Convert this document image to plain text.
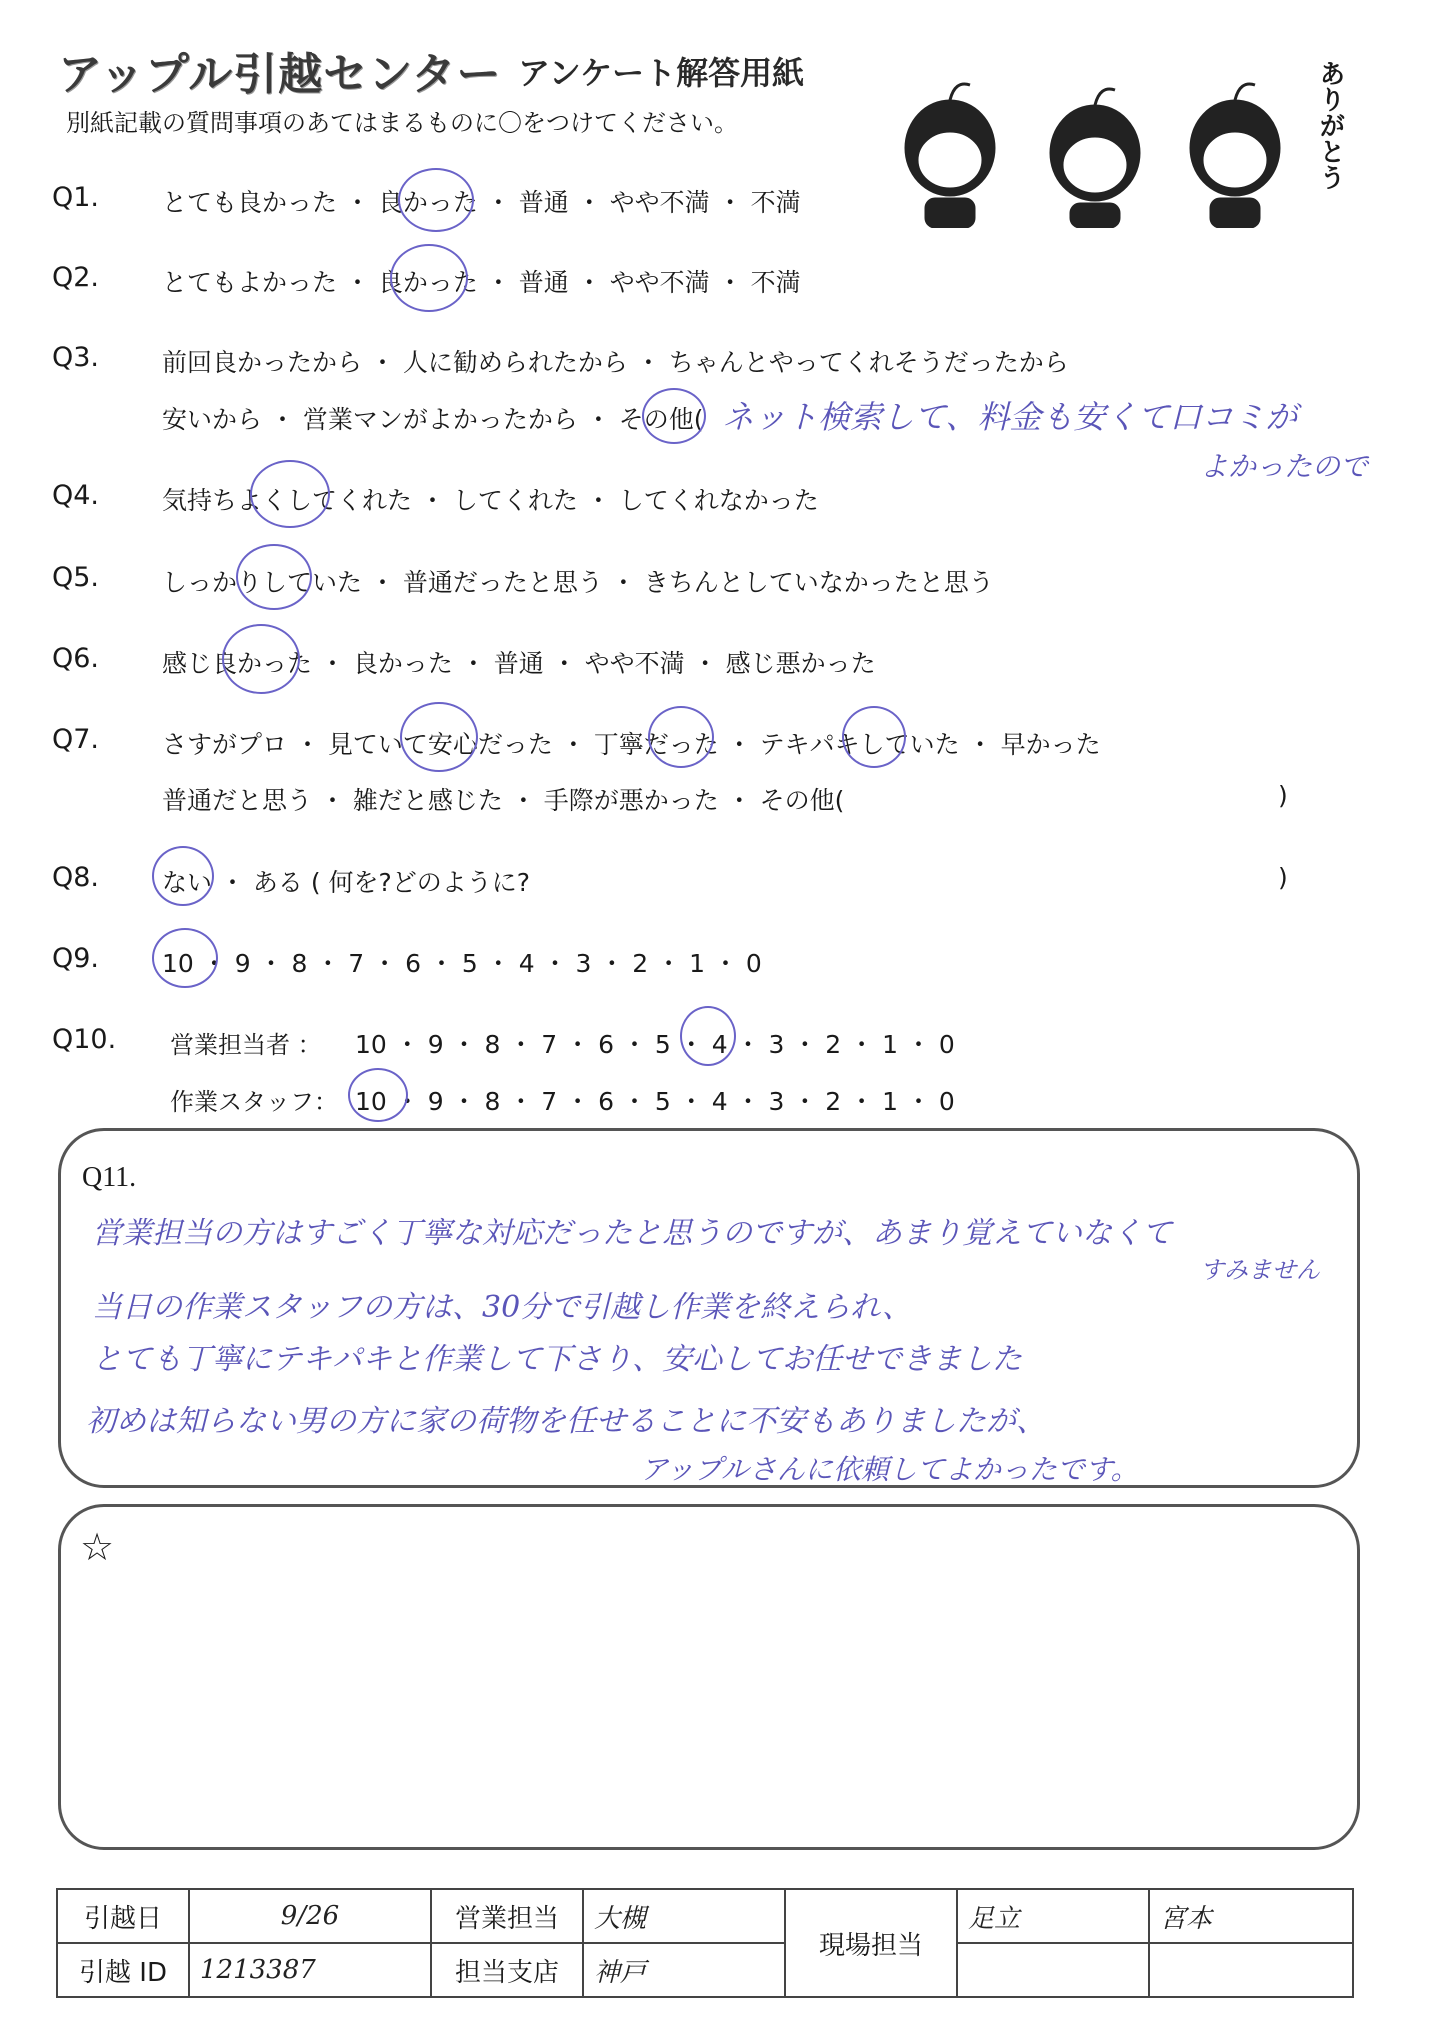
アップル引越センター アンケート解答用紙
別紙記載の質問事項のあてはまるものに〇をつけてください。	ありがとう
Q1.	とても良かった ・ 良かった ・ 普通 ・ やや不満 ・ 不満
Q2.	とてもよかった ・ 良かった ・ 普通 ・ やや不満 ・ 不満
Q3.	前回良かったから ・ 人に勧められたから ・ ちゃんとやってくれそうだったから
安いから ・ 営業マンがよかったから ・ その他( ネット検索して、料金も安くて口コミが
よかったので
Q4.	気持ちよくしてくれた ・ してくれた ・ してくれなかった
Q5.	しっかりしていた ・ 普通だったと思う ・ きちんとしていなかったと思う
Q6.	感じ良かった ・ 良かった ・ 普通 ・ やや不満 ・ 感じ悪かった
Q7.	さすがプロ ・ 見ていて安心だった ・ 丁寧だった ・ テキパキしていた ・ 早かった
普通だと思う ・ 雑だと感じた ・ 手際が悪かった ・ その他(	)
Q8.	ない ・ ある ( 何を?どのように?	)
Q9.	10 ・ 9 ・ 8 ・ 7 ・ 6 ・ 5 ・ 4 ・ 3 ・ 2 ・ 1 ・ 0
Q10. 営業担当者 ： 10 ・ 9 ・ 8 ・ 7 ・ 6 ・ 5 ・ 4 ・ 3 ・ 2 ・ 1 ・ 0
作業スタッフ： 10 ・ 9 ・ 8 ・ 7 ・ 6 ・ 5 ・ 4 ・ 3 ・ 2 ・ 1 ・ 0
Q11.
営業担当の方はすごく丁寧な対応だったと思うのですが、あまり覚えていなくて
すみません
当日の作業スタッフの方は、30分で引越し作業を終えられ、
とても丁寧にテキパキと作業して下さり、安心してお任せできました
初めは知らない男の方に家の荷物を任せることに不安もありましたが、
アップルさんに依頼してよかったです。
☆
引越日	9/26	営業担当	大槻	現場担当	足立	宮本
引越 ID	1213387	担当支店	神戸			
